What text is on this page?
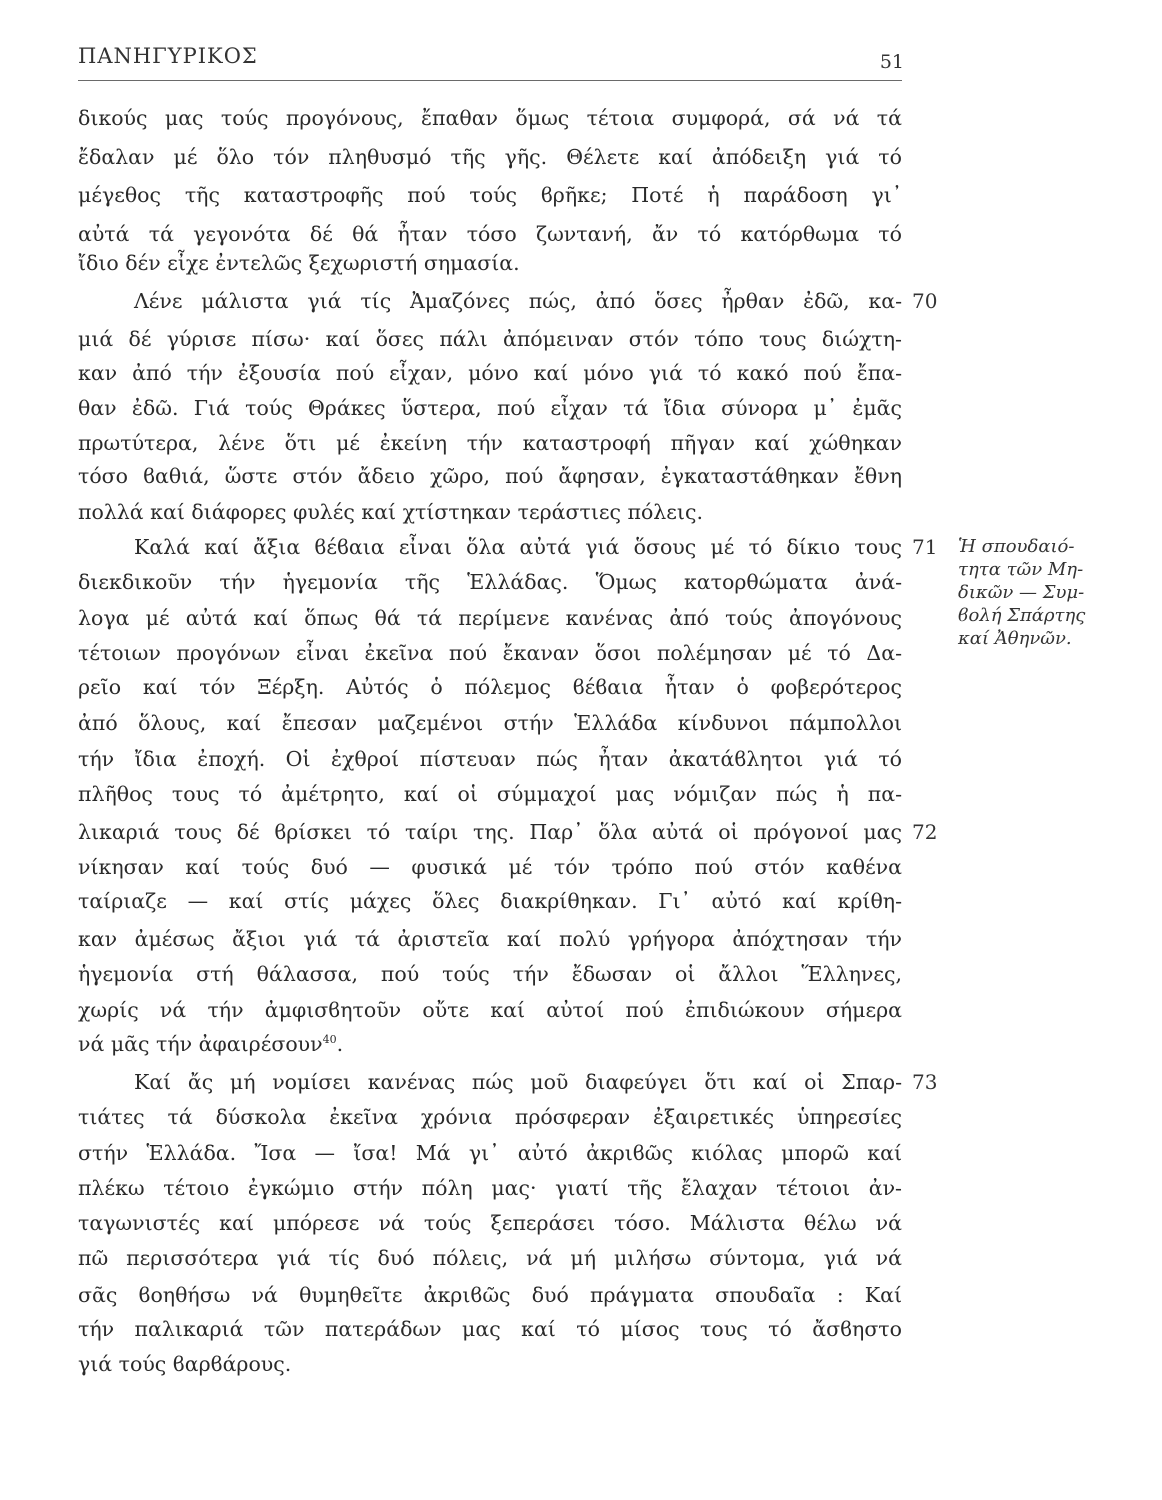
ΠΑΝΗΓΥΡΙΚΟΣ	51
δικούς μας τούς προγόνους, ἔπαθαν ὅμως τέτοια συμφορά, σά νά τά
ἔδαλαν μέ ὅλο τόν πληθυσμό τῆς γῆς. Θέλετε καί ἀπόδειξη γιά τό
μέγεθος τῆς καταστροφῆς πού τούς ϐρῆκε; Ποτέ ἡ παράδοση γι᾽
αὐτά τά γεγονότα δέ θά ἦταν τόσο ζωντανή, ἄν τό κατόρθωμα τό
ἴδιο δέν εἶχε ἐντελῶς ξεχωριστή σημασία.
Λένε μάλιστα γιά τίς Ἀμαζόνες πώς, ἀπό ὅσες ἦρθαν ἐδῶ, κα-
μιά δέ γύρισε πίσω· καί ὅσες πάλι ἀπόμειναν στόν τόπο τους διώχτη-
καν ἀπό τήν ἐξουσία πού εἶχαν, μόνο καί μόνο γιά τό κακό πού ἔπα-
θαν ἐδῶ. Γιά τούς Θράκες ὕστερα, πού εἶχαν τά ἴδια σύνορα μ᾽ ἐμᾶς
πρωτύτερα, λένε ὅτι μέ ἐκείνη τήν καταστροφή πῆγαν καί χώθηκαν
τόσο ϐαθιά, ὥστε στόν ἄδειο χῶρο, πού ἄφησαν, ἐγκαταστάθηκαν ἔθνη
πολλά καί διάφορες φυλές καί χτίστηκαν τεράστιες πόλεις.
Καλά καί ἄξια ϐέϐαια εἶναι ὅλα αὐτά γιά ὅσους μέ τό δίκιο τους
διεκδικοῦν τήν ἡγεμονία τῆς Ἑλλάδας. Ὅμως κατορθώματα ἀνά-
λογα μέ αὐτά καί ὅπως θά τά περίμενε κανένας ἀπό τούς ἀπογόνους
τέτοιων προγόνων εἶναι ἐκεῖνα πού ἔκαναν ὅσοι πολέμησαν μέ τό Δα-
ρεῖο καί τόν Ξέρξη. Αὐτός ὁ πόλεμος ϐέϐαια ἦταν ὁ φοβερότερος
ἀπό ὅλους, καί ἔπεσαν μαζεμένοι στήν Ἑλλάδα κίνδυνοι πάμπολλοι
τήν ἴδια ἐποχή. Οἱ ἐχθροί πίστευαν πώς ἦταν ἀκατάϐλητοι γιά τό
πλῆθος τους τό ἀμέτρητο, καί οἱ σύμμαχοί μας νόμιζαν πώς ἡ πα-
λικαριά τους δέ ϐρίσκει τό ταίρι της. Παρ᾽ ὅλα αὐτά οἱ πρόγονοί μας
νίκησαν καί τούς δυό — φυσικά μέ τόν τρόπο πού στόν καθένα
ταίριαζε — καί στίς μάχες ὅλες διακρίθηκαν. Γι᾽ αὐτό καί κρίθη-
καν ἀμέσως ἄξιοι γιά τά ἀριστεῖα καί πολύ γρήγορα ἀπόχτησαν τήν
ἡγεμονία στή θάλασσα, πού τούς τήν ἔδωσαν οἱ ἄλλοι Ἕλληνες,
χωρίς νά τήν ἀμφισϐητοῦν οὔτε καί αὐτοί πού ἐπιδιώκουν σήμερα
νά μᾶς τήν ἀφαιρέσουν$^{40}$.
Καί ἄς μή νομίσει κανένας πώς μοῦ διαφεύγει ὅτι καί οἱ Σπαρ-
τιάτες τά δύσκολα ἐκεῖνα χρόνια πρόσφεραν ἐξαιρετικές ὑπηρεσίες
στήν Ἑλλάδα. Ἴσα — ἴσα! Μά γι᾽ αὐτό ἀκριϐῶς κιόλας μπορῶ καί
πλέκω τέτοιο ἐγκώμιο στήν πόλη μας· γιατί τῆς ἔλαχαν τέτοιοι ἀν-
ταγωνιστές καί μπόρεσε νά τούς ξεπεράσει τόσο. Μάλιστα θέλω νά
πῶ περισσότερα γιά τίς δυό πόλεις, νά μή μιλήσω σύντομα, γιά νά
σᾶς ϐοηθήσω νά θυμηθεῖτε ἀκριϐῶς δυό πράγματα σπουδαῖα : Καί
τήν παλικαριά τῶν πατεράδων μας καί τό μίσος τους τό ἄσϐηστο
γιά τούς ϐαρϐάρους.
70
71
72
73
Ἡ σπουδαιό-
τητα τῶν Μη-
δικῶν — Συμ-
ϐολή Σπάρτης
καί Ἀθηνῶν.
